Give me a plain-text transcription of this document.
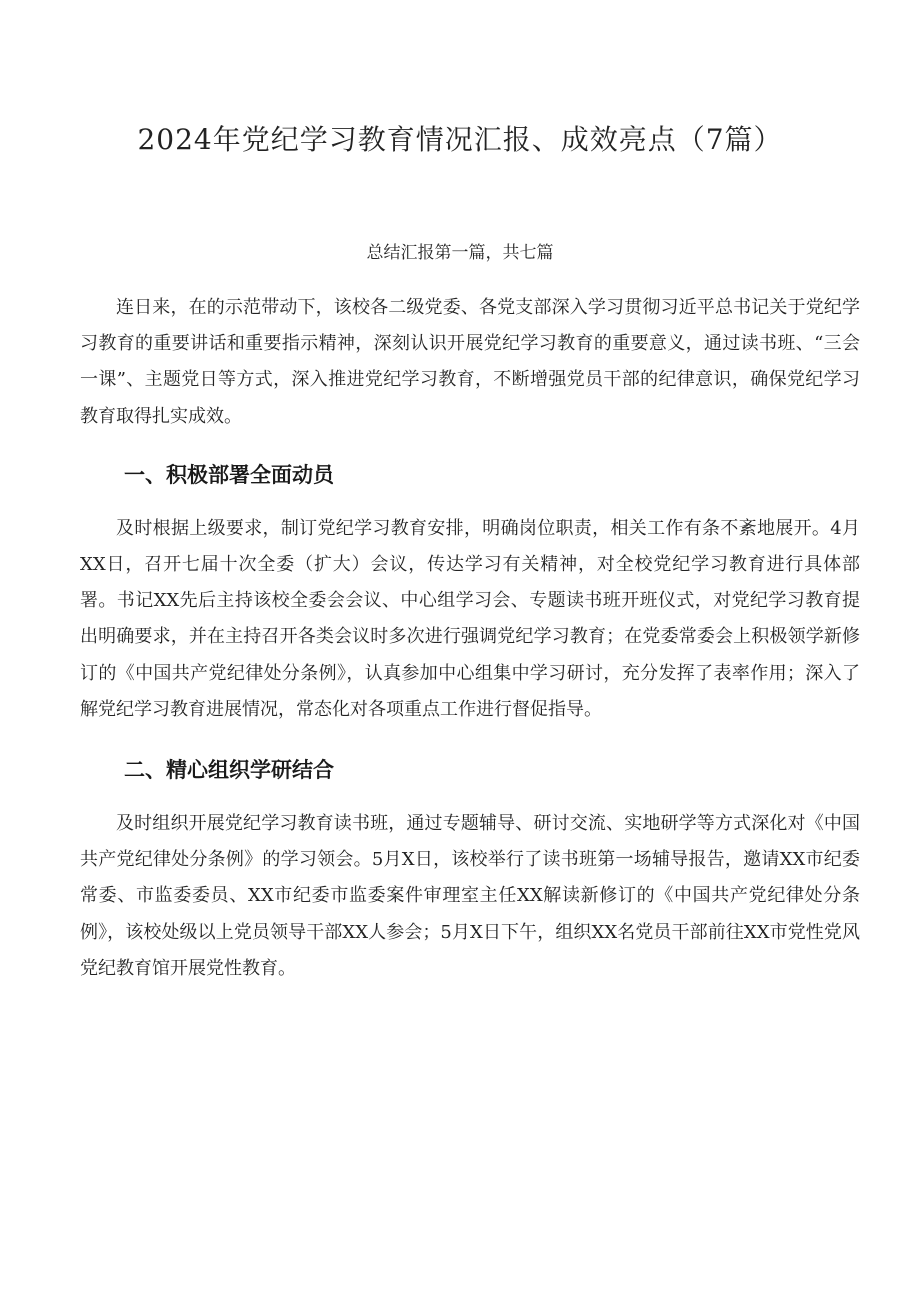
2024年党纪学习教育情况汇报、成效亮点（7篇）
总结汇报第一篇，共七篇

连日来，在的示范带动下，该校各二级党委、各党支部深入学习贯彻习近平总书记关于党纪学习教育的重要讲话和重要指示精神，深刻认识开展党纪学习教育的重要意义，通过读书班、“三会一课”、主题党日等方式，深入推进党纪学习教育，不断增强党员干部的纪律意识，确保党纪学习教育取得扎实成效。

一、积极部署全面动员

及时根据上级要求，制订党纪学习教育安排，明确岗位职责，相关工作有条不紊地展开。4月XX日，召开七届十次全委（扩大）会议，传达学习有关精神，对全校党纪学习教育进行具体部署。书记XX先后主持该校全委会会议、中心组学习会、专题读书班开班仪式，对党纪学习教育提出明确要求，并在主持召开各类会议时多次进行强调党纪学习教育；在党委常委会上积极领学新修订的《中国共产党纪律处分条例》，认真参加中心组集中学习研讨，充分发挥了表率作用；深入了解党纪学习教育进展情况，常态化对各项重点工作进行督促指导。

二、精心组织学研结合

及时组织开展党纪学习教育读书班，通过专题辅导、研讨交流、实地研学等方式深化对《中国共产党纪律处分条例》的学习领会。5月X日，该校举行了读书班第一场辅导报告，邀请XX市纪委常委、市监委委员、XX市纪委市监委案件审理室主任XX解读新修订的《中国共产党纪律处分条例》，该校处级以上党员领导干部XX人参会；5月X日下午，组织XX名党员干部前往XX市党性党风党纪教育馆开展党性教育。
